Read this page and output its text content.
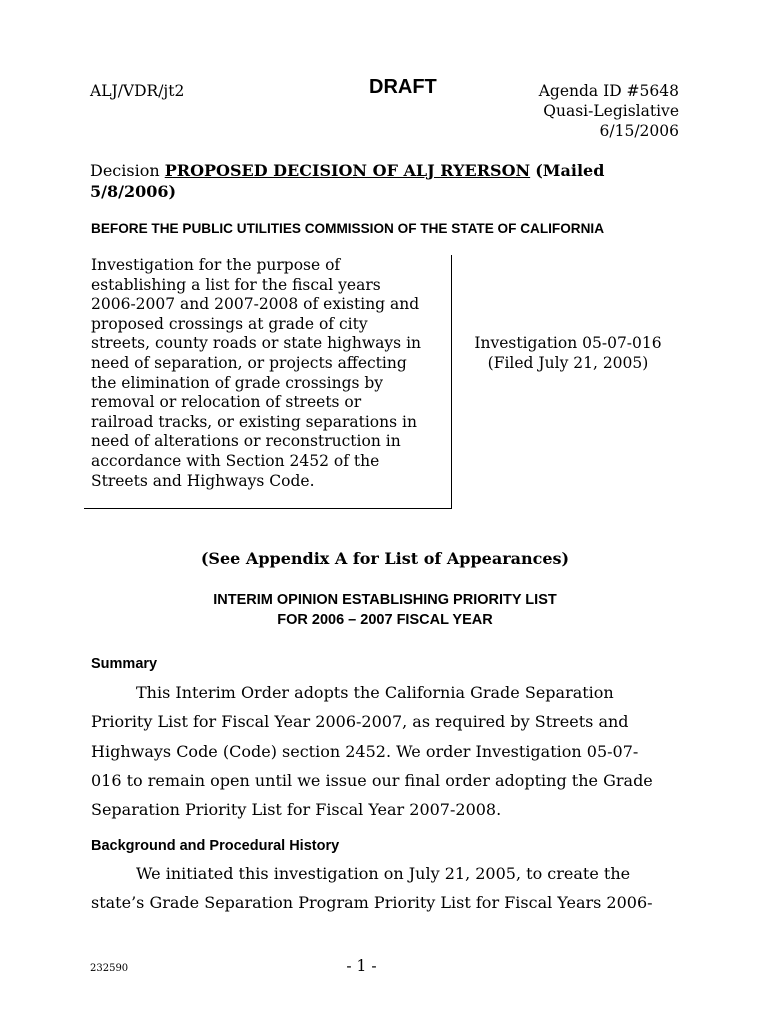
ALJ/VDR/jt2	DRAFT	Agenda ID #5648
Quasi-Legislative
6/15/2006
Decision PROPOSED DECISION OF ALJ RYERSON (Mailed 5/8/2006)
BEFORE THE PUBLIC UTILITIES COMMISSION OF THE STATE OF CALIFORNIA
Investigation for the purpose of
establishing a list for the fiscal years
2006-2007 and 2007-2008 of existing and
proposed crossings at grade of city
streets, county roads or state highways in
need of separation, or projects affecting
the elimination of grade crossings by
removal or relocation of streets or
railroad tracks, or existing separations in
need of alterations or reconstruction in
accordance with Section 2452 of the
Streets and Highways Code.
Investigation 05-07-016
(Filed July 21, 2005)
(See Appendix A for List of Appearances)
INTERIM OPINION ESTABLISHING PRIORITY LIST
FOR 2006 – 2007 FISCAL YEAR
Summary
This Interim Order adopts the California Grade Separation
Priority List for Fiscal Year 2006-2007, as required by Streets and
Highways Code (Code) section 2452. We order Investigation 05-07-
016 to remain open until we issue our final order adopting the Grade
Separation Priority List for Fiscal Year 2007-2008.
Background and Procedural History
We initiated this investigation on July 21, 2005, to create the
state’s Grade Separation Program Priority List for Fiscal Years 2006-
232590	- 1 -
